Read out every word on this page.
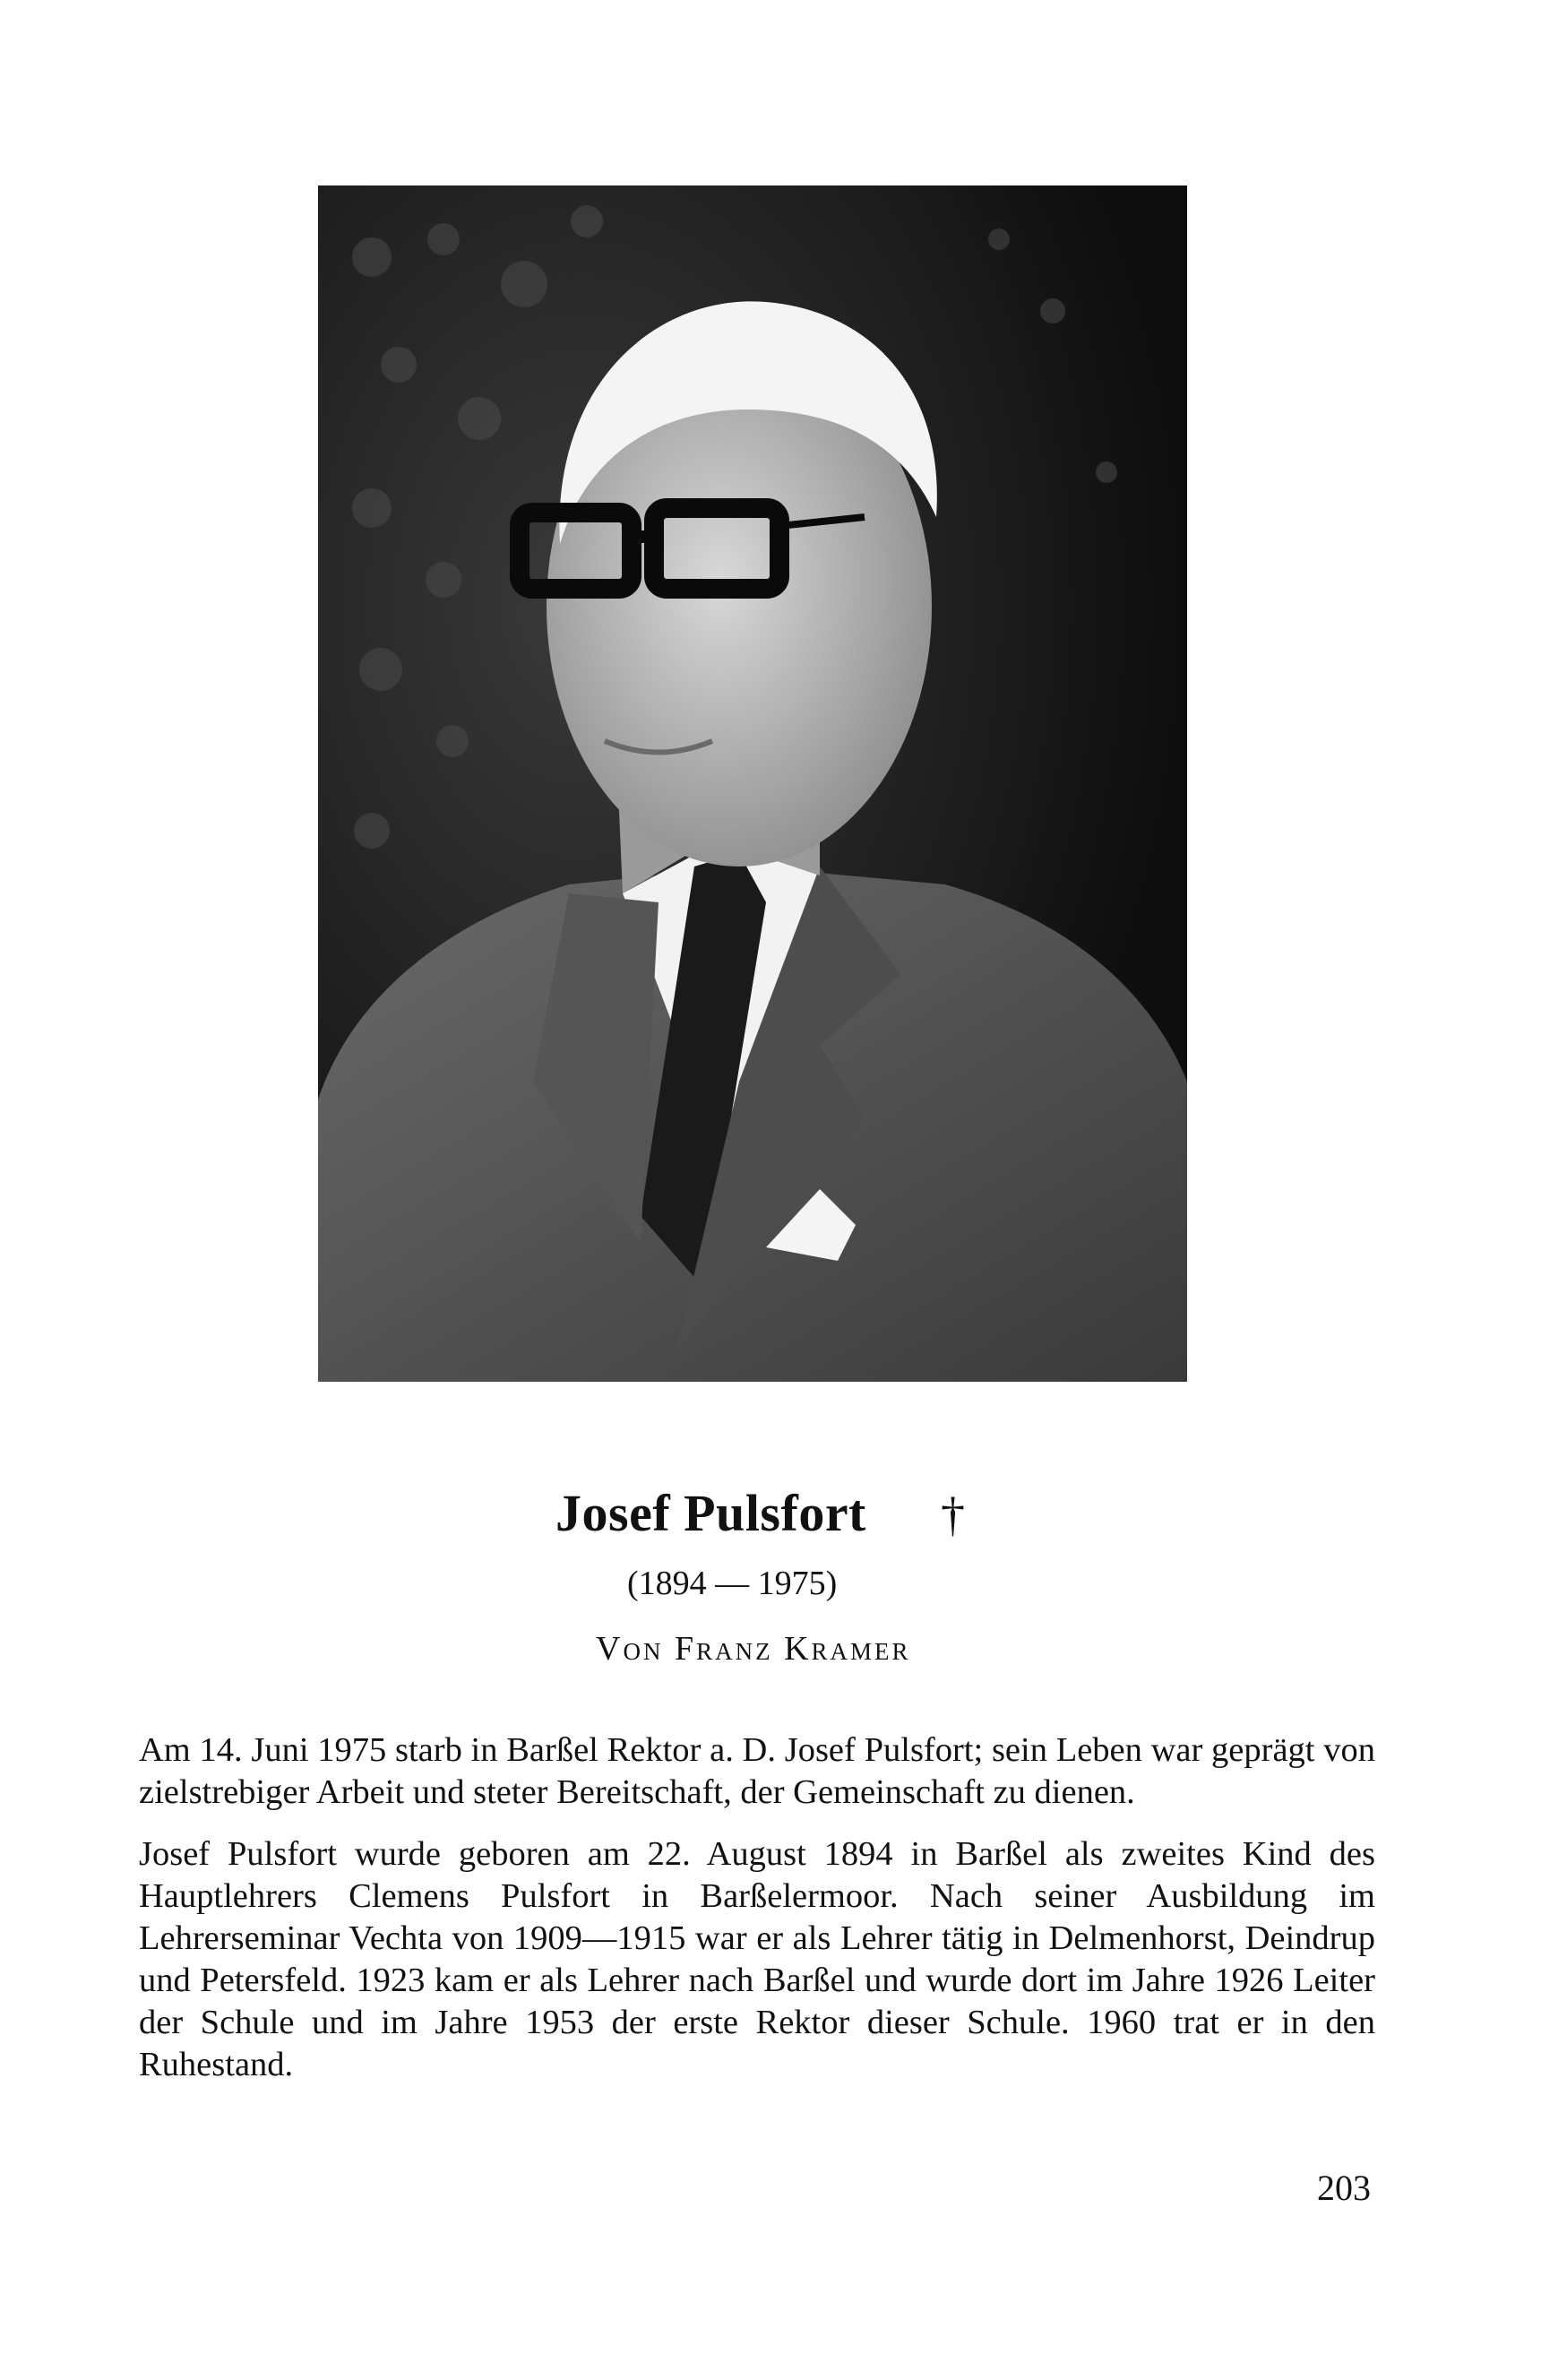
Josef Pulsfort †
(1894 — 1975)
Von Franz Kramer

Am 14. Juni 1975 starb in Barßel Rektor a. D. Josef Pulsfort; sein Leben war geprägt von zielstrebiger Arbeit und steter Bereitschaft, der Gemeinschaft zu dienen.

Josef Pulsfort wurde geboren am 22. August 1894 in Barßel als zweites Kind des Hauptlehrers Clemens Pulsfort in Barßelermoor. Nach seiner Ausbildung im Lehrerseminar Vechta von 1909—1915 war er als Lehrer tätig in Delmenhorst, Deindrup und Petersfeld. 1923 kam er als Lehrer nach Barßel und wurde dort im Jahre 1926 Leiter der Schule und im Jahre 1953 der erste Rektor dieser Schule. 1960 trat er in den Ruhestand.

203
